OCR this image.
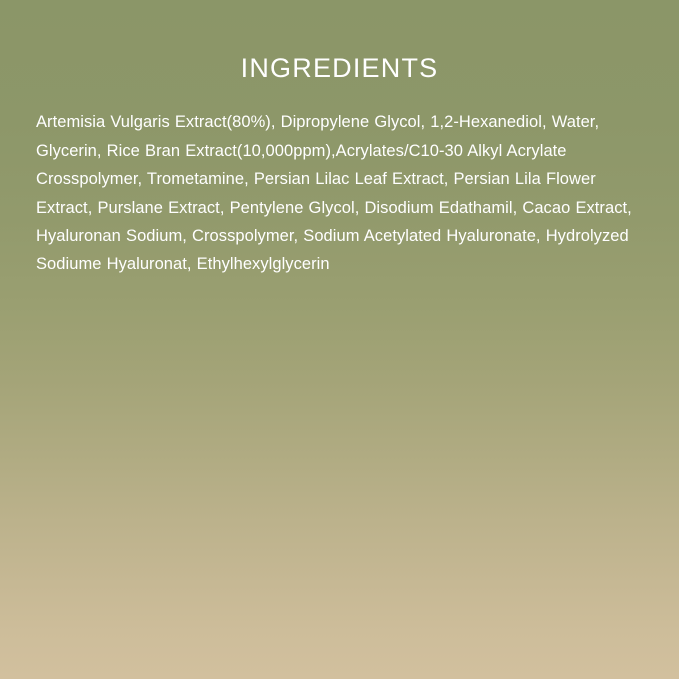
INGREDIENTS

Artemisia Vulgaris Extract(80%), Dipropylene Glycol, 1,2-Hexanediol, Water, Glycerin, Rice Bran Extract(10,000ppm),Acrylates/C10-30 Alkyl Acrylate Crosspolymer, Trometamine, Persian Lilac Leaf Extract, Persian Lila Flower Extract, Purslane Extract, Pentylene Glycol, Disodium Edathamil, Cacao Extract, Hyaluronan Sodium, Crosspolymer, Sodium Acetylated Hyaluronate, Hydrolyzed Sodiume Hyaluronat, Ethylhexylglycerin
